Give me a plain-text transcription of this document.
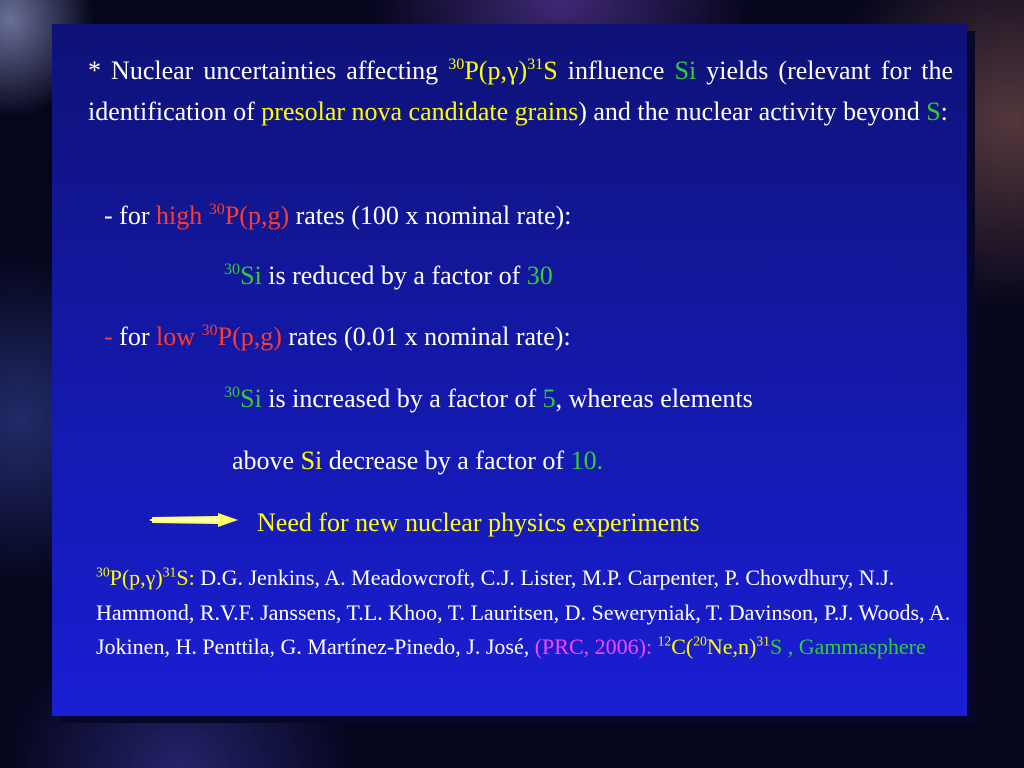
* Nuclear uncertainties affecting $^{30}P(p,\gamma)^{31}S$ influence Si yields (relevant for the identification of presolar nova candidate grains) and the nuclear activity beyond S:

- for high $^{30}$P(p,g) rates (100 x nominal rate):

$^{30}$Si is reduced by a factor of 30

- for low $^{30}$P(p,g) rates (0.01 x nominal rate):

$^{30}$Si is increased by a factor of 5, whereas elements

above Si decrease by a factor of 10.

Need for new nuclear physics experiments

$^{30}P(p,\gamma)^{31}S$: D.G. Jenkins, A. Meadowcroft, C.J. Lister, M.P. Carpenter, P. Chowdhury, N.J. Hammond, R.V.F. Janssens, T.L. Khoo, T. Lauritsen, D. Seweryniak, T. Davinson, P.J. Woods, A. Jokinen, H. Penttila, G. Martínez-Pinedo, J. José, (PRC, 2006): $^{12}C(^{20}Ne,n)^{31}S$ , Gammasphere
